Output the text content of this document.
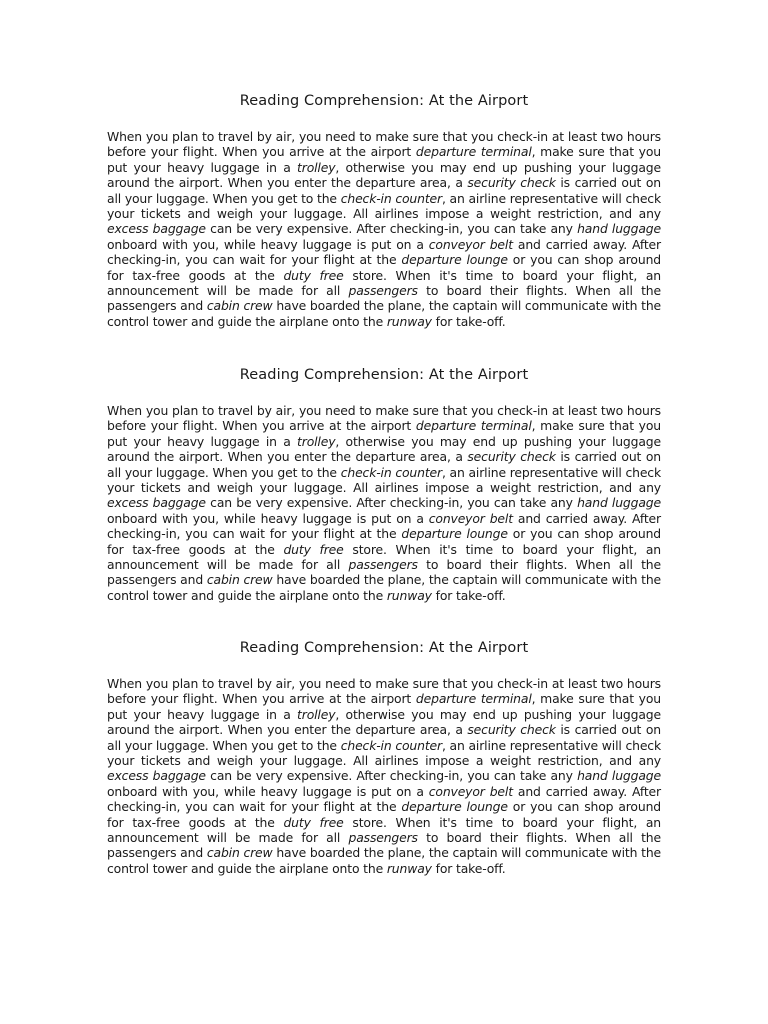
Reading Comprehension: At the Airport

When you plan to travel by air, you need to make sure that you check-in at least two hours before your flight. When you arrive at the airport departure terminal, make sure that you put your heavy luggage in a trolley, otherwise you may end up pushing your luggage around the airport. When you enter the departure area, a security check is carried out on all your luggage. When you get to the check-in counter, an airline representative will check your tickets and weigh your luggage. All airlines impose a weight restriction, and any excess baggage can be very expensive. After checking-in, you can take any hand luggage onboard with you, while heavy luggage is put on a conveyor belt and carried away. After checking-in, you can wait for your flight at the departure lounge or you can shop around for tax-free goods at the duty free store. When it's time to board your flight, an announcement will be made for all passengers to board their flights. When all the passengers and cabin crew have boarded the plane, the captain will communicate with the control tower and guide the airplane onto the runway for take-off.

Reading Comprehension: At the Airport

When you plan to travel by air, you need to make sure that you check-in at least two hours before your flight. When you arrive at the airport departure terminal, make sure that you put your heavy luggage in a trolley, otherwise you may end up pushing your luggage around the airport. When you enter the departure area, a security check is carried out on all your luggage. When you get to the check-in counter, an airline representative will check your tickets and weigh your luggage. All airlines impose a weight restriction, and any excess baggage can be very expensive. After checking-in, you can take any hand luggage onboard with you, while heavy luggage is put on a conveyor belt and carried away. After checking-in, you can wait for your flight at the departure lounge or you can shop around for tax-free goods at the duty free store. When it's time to board your flight, an announcement will be made for all passengers to board their flights. When all the passengers and cabin crew have boarded the plane, the captain will communicate with the control tower and guide the airplane onto the runway for take-off.

Reading Comprehension: At the Airport

When you plan to travel by air, you need to make sure that you check-in at least two hours before your flight. When you arrive at the airport departure terminal, make sure that you put your heavy luggage in a trolley, otherwise you may end up pushing your luggage around the airport. When you enter the departure area, a security check is carried out on all your luggage. When you get to the check-in counter, an airline representative will check your tickets and weigh your luggage. All airlines impose a weight restriction, and any excess baggage can be very expensive. After checking-in, you can take any hand luggage onboard with you, while heavy luggage is put on a conveyor belt and carried away. After checking-in, you can wait for your flight at the departure lounge or you can shop around for tax-free goods at the duty free store. When it's time to board your flight, an announcement will be made for all passengers to board their flights. When all the passengers and cabin crew have boarded the plane, the captain will communicate with the control tower and guide the airplane onto the runway for take-off.
